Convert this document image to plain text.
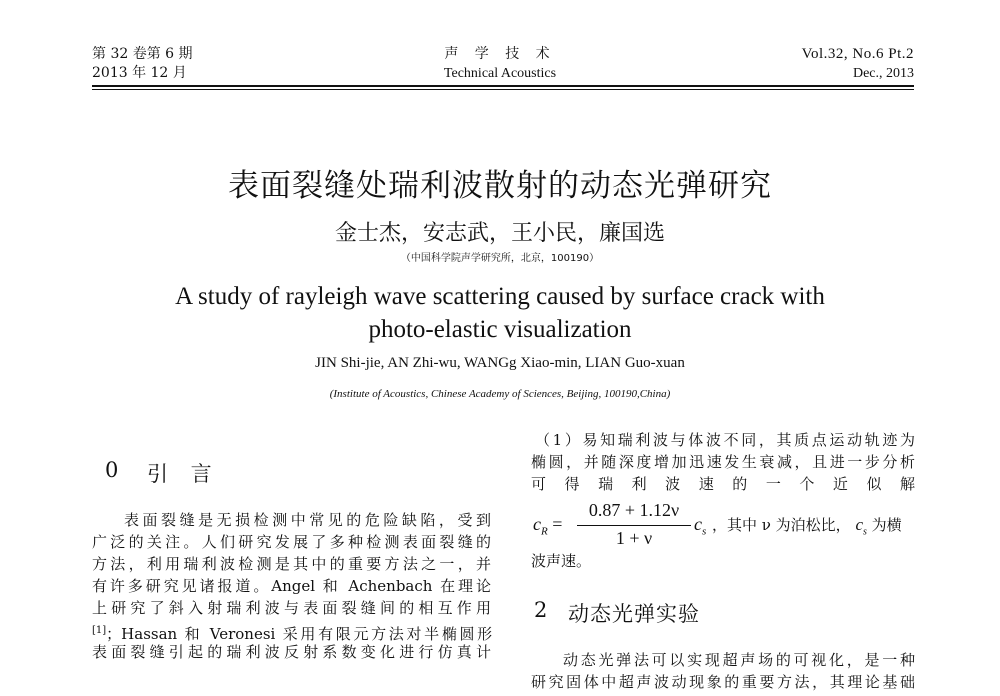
第 32 卷第 6 期
2013 年 12 月
声 学 技 术
Technical Acoustics
Vol.32, No.6 Pt.2
Dec., 2013
表面裂缝处瑞利波散射的动态光弹研究
金士杰，安志武，王小民，廉国选
（中国科学院声学研究所，北京，100190）
A study of rayleigh wave scattering caused by surface crack with
photo-elastic visualization
JIN Shi-jie, AN Zhi-wu, WANGg Xiao-min, LIAN Guo-xuan
(Institute of Acoustics, Chinese Academy of Sciences, Beijing, 100190,China)
0 引 言
表面裂缝是无损检测中常见的危险缺陷，受到
广泛的关注。人们研究发展了多种检测表面裂缝的
方法，利用瑞利波检测是其中的重要方法之一，并
有许多研究见诸报道。Angel 和 Achenbach 在理论
上研究了斜入射瑞利波与表面裂缝间的相互作用
[1]；Hassan 和 Veronesi 采用有限元方法对半椭圆形
表面裂缝引起的瑞利波反射系数变化进行仿真计
（1）易知瑞利波与体波不同，其质点运动轨迹为
椭圆，并随深度增加迅速发生衰减，且进一步分析
可 得 瑞 利 波 速 的 一 个 近 似 解
$c_R$ =
0.87 + 1.12ν
1 + ν
$c_s$ ，其中 ν 为泊松比， $c_s$ 为横
波声速。
2 动态光弹实验
动态光弹法可以实现超声场的可视化，是一种
研究固体中超声波动现象的重要方法，其理论基础
